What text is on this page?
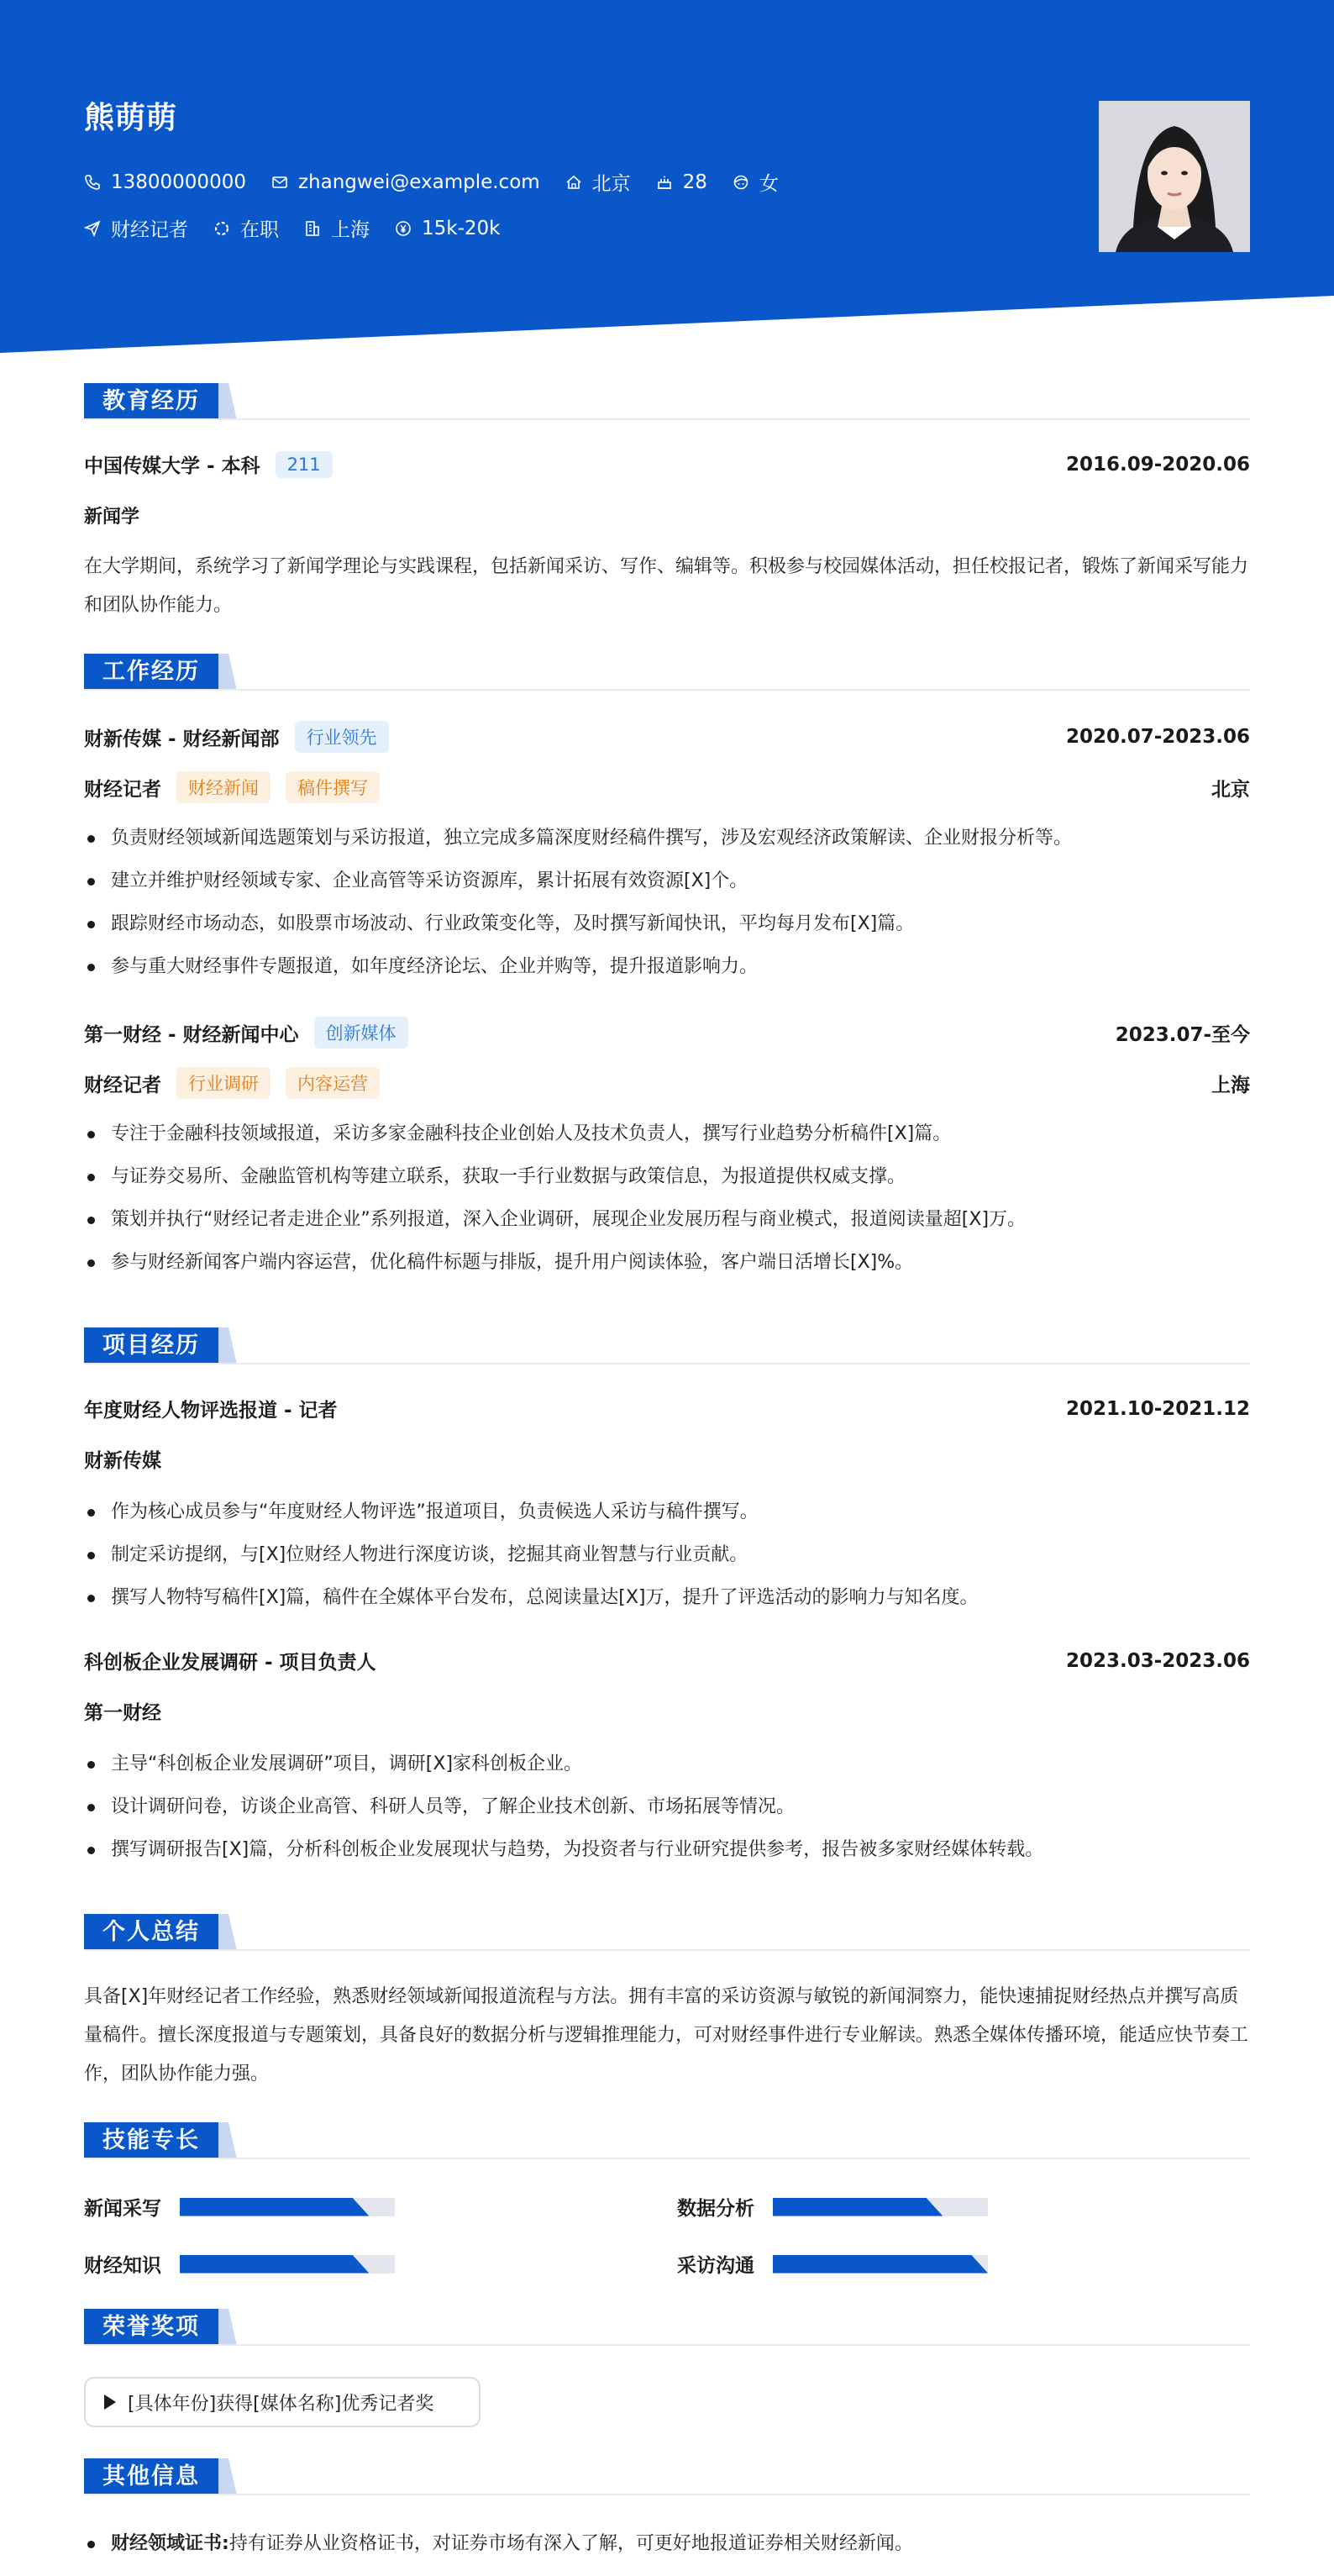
熊萌萌
13800000000	zhangwei@example.com	北京	28	女
财经记者	在职	上海	15k-20k
教育经历
中国传媒大学 - 本科	211	2016.09-2020.06
新闻学
在大学期间，系统学习了新闻学理论与实践课程，包括新闻采访、写作、编辑等。积极参与校园媒体活动，担任校报记者，锻炼了新闻采写能力和团队协作能力。
工作经历
财新传媒 - 财经新闻部	行业领先	2020.07-2023.06
财经记者	财经新闻	稿件撰写	北京
负责财经领域新闻选题策划与采访报道，独立完成多篇深度财经稿件撰写，涉及宏观经济政策解读、企业财报分析等。
建立并维护财经领域专家、企业高管等采访资源库，累计拓展有效资源[X]个。
跟踪财经市场动态，如股票市场波动、行业政策变化等，及时撰写新闻快讯，平均每月发布[X]篇。
参与重大财经事件专题报道，如年度经济论坛、企业并购等，提升报道影响力。
第一财经 - 财经新闻中心	创新媒体	2023.07-至今
财经记者	行业调研	内容运营	上海
专注于金融科技领域报道，采访多家金融科技企业创始人及技术负责人，撰写行业趋势分析稿件[X]篇。
与证券交易所、金融监管机构等建立联系，获取一手行业数据与政策信息，为报道提供权威支撑。
策划并执行“财经记者走进企业”系列报道，深入企业调研，展现企业发展历程与商业模式，报道阅读量超[X]万。
参与财经新闻客户端内容运营，优化稿件标题与排版，提升用户阅读体验，客户端日活增长[X]%。
项目经历
年度财经人物评选报道 - 记者	2021.10-2021.12
财新传媒
作为核心成员参与“年度财经人物评选”报道项目，负责候选人采访与稿件撰写。
制定采访提纲，与[X]位财经人物进行深度访谈，挖掘其商业智慧与行业贡献。
撰写人物特写稿件[X]篇，稿件在全媒体平台发布，总阅读量达[X]万，提升了评选活动的影响力与知名度。
科创板企业发展调研 - 项目负责人	2023.03-2023.06
第一财经
主导“科创板企业发展调研”项目，调研[X]家科创板企业。
设计调研问卷，访谈企业高管、科研人员等，了解企业技术创新、市场拓展等情况。
撰写调研报告[X]篇，分析科创板企业发展现状与趋势，为投资者与行业研究提供参考，报告被多家财经媒体转载。
个人总结
具备[X]年财经记者工作经验，熟悉财经领域新闻报道流程与方法。拥有丰富的采访资源与敏锐的新闻洞察力，能快速捕捉财经热点并撰写高质量稿件。擅长深度报道与专题策划，具备良好的数据分析与逻辑推理能力，可对财经事件进行专业解读。熟悉全媒体传播环境，能适应快节奏工作，团队协作能力强。
技能专长
新闻采写	数据分析
财经知识	采访沟通
荣誉奖项
[具体年份]获得[媒体名称]优秀记者奖
其他信息
财经领域证书:持有证券从业资格证书，对证券市场有深入了解，可更好地报道证券相关财经新闻。
